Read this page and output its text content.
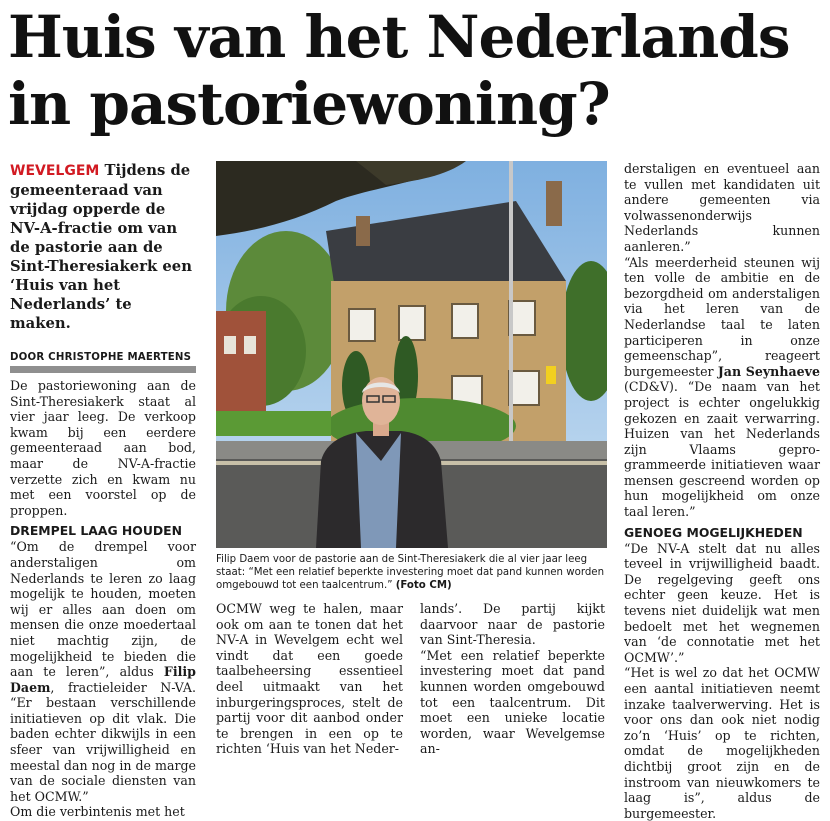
Huis van het Nederlands
in pastoriewoning?

WEVELGEM Tijdens de gemeenteraad van vrijdag opperde de NV-A-fractie om van de pastorie aan de Sint-Theresiakerk een ‘Huis van het Nederlands’ te maken.

DOOR CHRISTOPHE MAERTENS

De pastoriewoning aan de Sint-Theresiakerk staat al vier jaar leeg. De verkoop kwam bij een eerdere gemeenteraad aan bod, maar de NV-A-fractie verzette zich en kwam nu met een voorstel op de proppen.

DREMPEL LAAG HOUDEN

“Om de drempel voor anderstaligen om Nederlands te leren zo laag mogelijk te houden, moeten wij er alles aan doen om mensen die onze moedertaal niet machtig zijn, de mogelijkheid te bieden die aan te leren”, aldus Filip Daem, fractieleider N-VA. “Er bestaan verschillende initiatieven op dit vlak. Die baden echter dikwijls in een sfeer van vrijwilligheid en meestal dan nog in de marge van de sociale diensten van het OCMW.”

Om die verbintenis met het

Filip Daem voor de pastorie aan de Sint-Theresiakerk die al vier jaar leeg staat: “Met een relatief beperkte investering moet dat pand kunnen worden omgebouwd tot een taalcentrum.” (Foto CM)

OCMW weg te halen, maar ook om aan te tonen dat het NV-A in Wevelgem echt wel vindt dat een goede taalbeheersing essentieel deel uitmaakt van het inburgeringsproces, stelt de partij voor dit aanbod onder te brengen in een op te richten ‘Huis van het Neder-

lands’. De partij kijkt daarvoor naar de pastorie van Sint-Theresia.

“Met een relatief beperkte investering moet dat pand kunnen worden omgebouwd tot een taalcentrum. Dit moet een unieke locatie worden, waar Wevelgemse an-

derstaligen en eventueel aan te vullen met kandidaten uit andere gemeenten via volwassenonderwijs Nederlands kunnen aanleren.”

“Als meerderheid steunen wij ten volle de ambitie en de bezorgdheid om anderstaligen via het leren van de Nederlandse taal te laten participeren in onze gemeenschap”, reageert burgemeester Jan Seynhaeve (CD&V). “De naam van het project is echter ongelukkig gekozen en zaait verwarring. Huizen van het Nederlands zijn Vlaams geprogrammeerde initiatieven waar mensen gescreend worden op hun mogelijkheid om onze taal leren.”

GENOEG MOGELIJKHEDEN

“De NV-A stelt dat nu alles teveel in vrijwilligheid baadt. De regelgeving geeft ons echter geen keuze. Het is tevens niet duidelijk wat men bedoelt met het wegnemen van ‘de connotatie met het OCMW’.”

“Het is wel zo dat het OCMW een aantal initiatieven neemt inzake taalverwerving. Het is voor ons dan ook niet nodig zo’n ‘Huis’ op te richten, omdat de mogelijkheden dichtbij groot zijn en de instroom van nieuwkomers te laag is”, aldus de burgemeester.
